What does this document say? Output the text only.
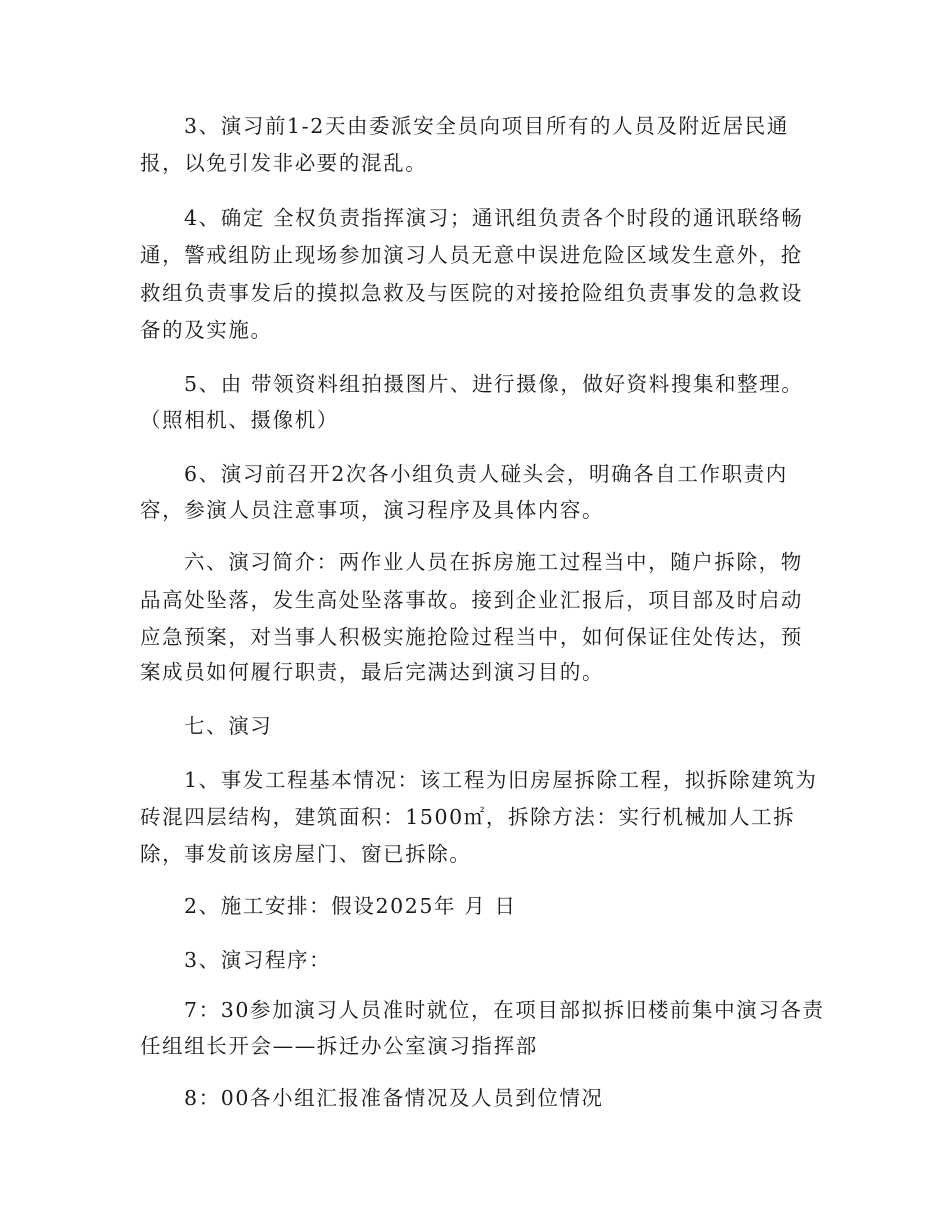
3、演习前1-2天由委派安全员向项目所有的人员及附近居民通
报，以免引发非必要的混乱。
4、确定 全权负责指挥演习；通讯组负责各个时段的通讯联络畅
通，警戒组防止现场参加演习人员无意中误进危险区域发生意外，抢
救组负责事发后的摸拟急救及与医院的对接抢险组负责事发的急救设
备的及实施。
5、由 带领资料组拍摄图片、进行摄像，做好资料搜集和整理。
（照相机、摄像机）
6、演习前召开2次各小组负责人碰头会，明确各自工作职责内
容，参演人员注意事项，演习程序及具体内容。
六、演习简介：两作业人员在拆房施工过程当中，随户拆除，物
品高处坠落，发生高处坠落事故。接到企业汇报后，项目部及时启动
应急预案，对当事人积极实施抢险过程当中，如何保证住处传达，预
案成员如何履行职责，最后完满达到演习目的。
七、演习
1、事发工程基本情况：该工程为旧房屋拆除工程，拟拆除建筑为
砖混四层结构，建筑面积：1500㎡，拆除方法：实行机械加人工拆
除，事发前该房屋门、窗已拆除。
2、施工安排：假设2025年 月 日
3、演习程序：
7：30参加演习人员准时就位，在项目部拟拆旧楼前集中演习各责
任组组长开会——拆迁办公室演习指挥部
8：00各小组汇报准备情况及人员到位情况
